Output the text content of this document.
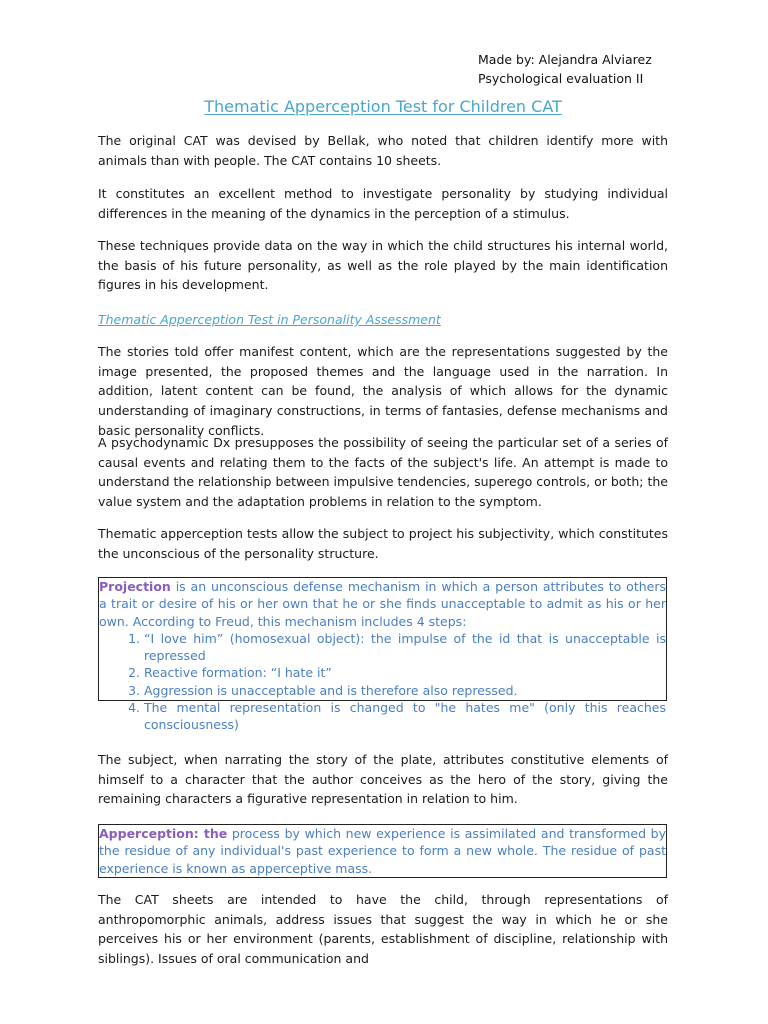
Made by: Alejandra Alviarez
Psychological evaluation II
Thematic Apperception Test for Children CAT

The original CAT was devised by Bellak, who noted that children identify more with animals than with people. The CAT contains 10 sheets.

It constitutes an excellent method to investigate personality by studying individual differences in the meaning of the dynamics in the perception of a stimulus.

These techniques provide data on the way in which the child structures his internal world, the basis of his future personality, as well as the role played by the main identification figures in his development.

Thematic Apperception Test in Personality Assessment

The stories told offer manifest content, which are the representations suggested by the image presented, the proposed themes and the language used in the narration. In addition, latent content can be found, the analysis of which allows for the dynamic understanding of imaginary constructions, in terms of fantasies, defense mechanisms and basic personality conflicts.

A psychodynamic Dx presupposes the possibility of seeing the particular set of a series of causal events and relating them to the facts of the subject's life. An attempt is made to understand the relationship between impulsive tendencies, superego controls, or both; the value system and the adaptation problems in relation to the symptom.

Thematic apperception tests allow the subject to project his subjectivity, which constitutes the unconscious of the personality structure.

Projection is an unconscious defense mechanism in which a person attributes to others a trait or desire of his or her own that he or she finds unacceptable to admit as his or her own. According to Freud, this mechanism includes 4 steps:
1. “I love him” (homosexual object): the impulse of the id that is unacceptable is repressed
2. Reactive formation: “I hate it”
3. Aggression is unacceptable and is therefore also repressed.
4. The mental representation is changed to "he hates me" (only this reaches consciousness)

The subject, when narrating the story of the plate, attributes constitutive elements of himself to a character that the author conceives as the hero of the story, giving the remaining characters a figurative representation in relation to him.

Apperception: the process by which new experience is assimilated and transformed by the residue of any individual's past experience to form a new whole. The residue of past experience is known as apperceptive mass.

The CAT sheets are intended to have the child, through representations of anthropomorphic animals, address issues that suggest the way in which he or she perceives his or her environment (parents, establishment of discipline, relationship with siblings). Issues of oral communication and
